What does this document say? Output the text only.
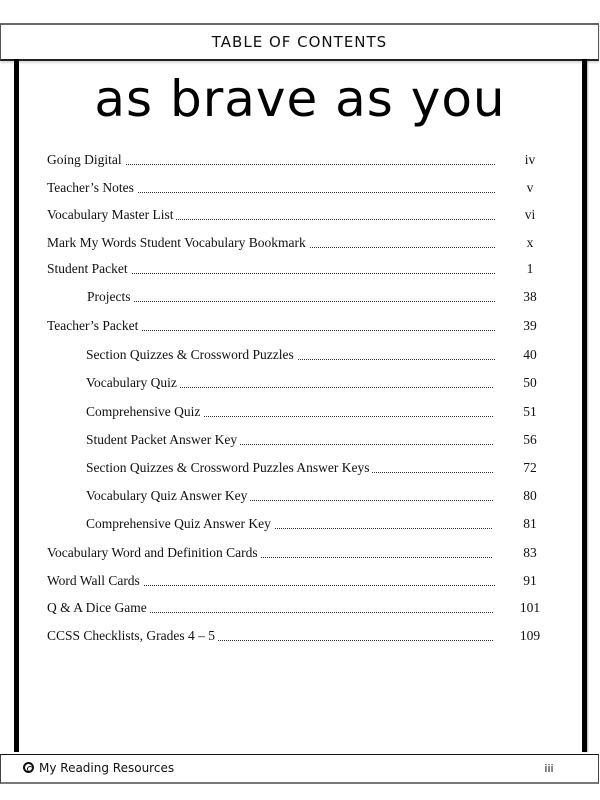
TABLE OF CONTENTS
as brave as you
Going Digital	iv
Teacher’s Notes	v
Vocabulary Master List	vi
Mark My Words Student Vocabulary Bookmark	x
Student Packet	1
Projects	38
Teacher’s Packet	39
Section Quizzes & Crossword Puzzles	40
Vocabulary Quiz	50
Comprehensive Quiz	51
Student Packet Answer Key	56
Section Quizzes & Crossword Puzzles Answer Keys	72
Vocabulary Quiz Answer Key	80
Comprehensive Quiz Answer Key	81
Vocabulary Word and Definition Cards	83
Word Wall Cards	91
Q & A Dice Game	101
CCSS Checklists, Grades 4 – 5	109
My Reading Resources	iii
